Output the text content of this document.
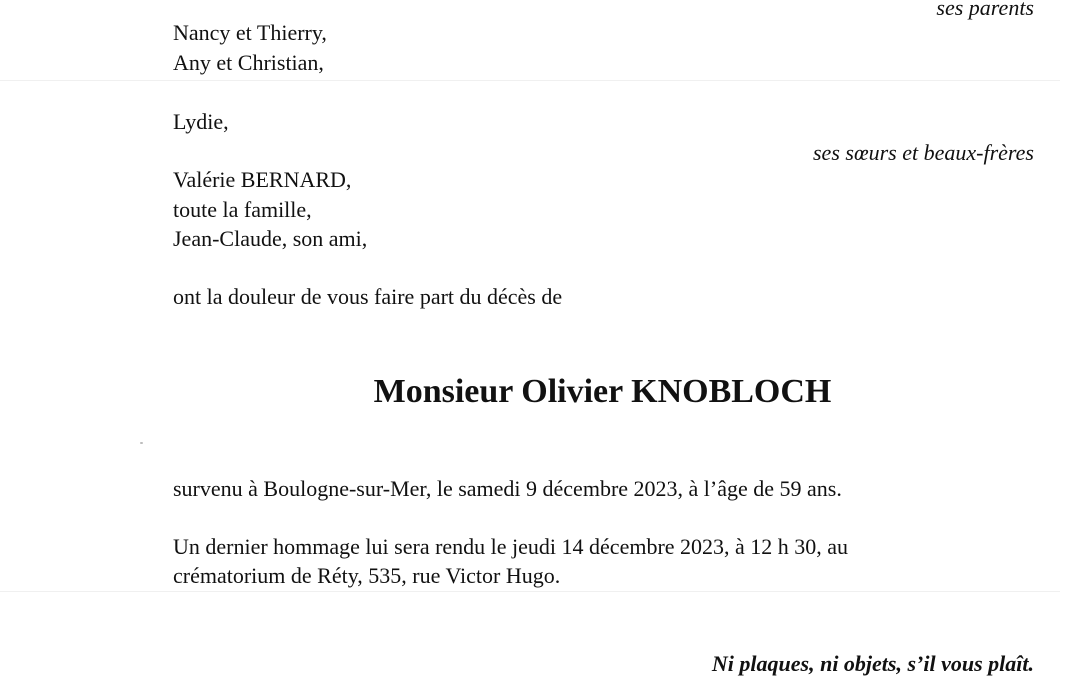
ses parents
Nancy et Thierry,
Any et Christian,
Lydie,
ses sœurs et beaux-frères
Valérie BERNARD,
toute la famille,
Jean-Claude, son ami,
ont la douleur de vous faire part du décès de
Monsieur Olivier KNOBLOCH
survenu à Boulogne-sur-Mer, le samedi 9 décembre 2023, à l’âge de 59 ans.
Un dernier hommage lui sera rendu le jeudi 14 décembre 2023, à 12 h 30, au
crématorium de Réty, 535, rue Victor Hugo.
Ni plaques, ni objets, s’il vous plaît.
